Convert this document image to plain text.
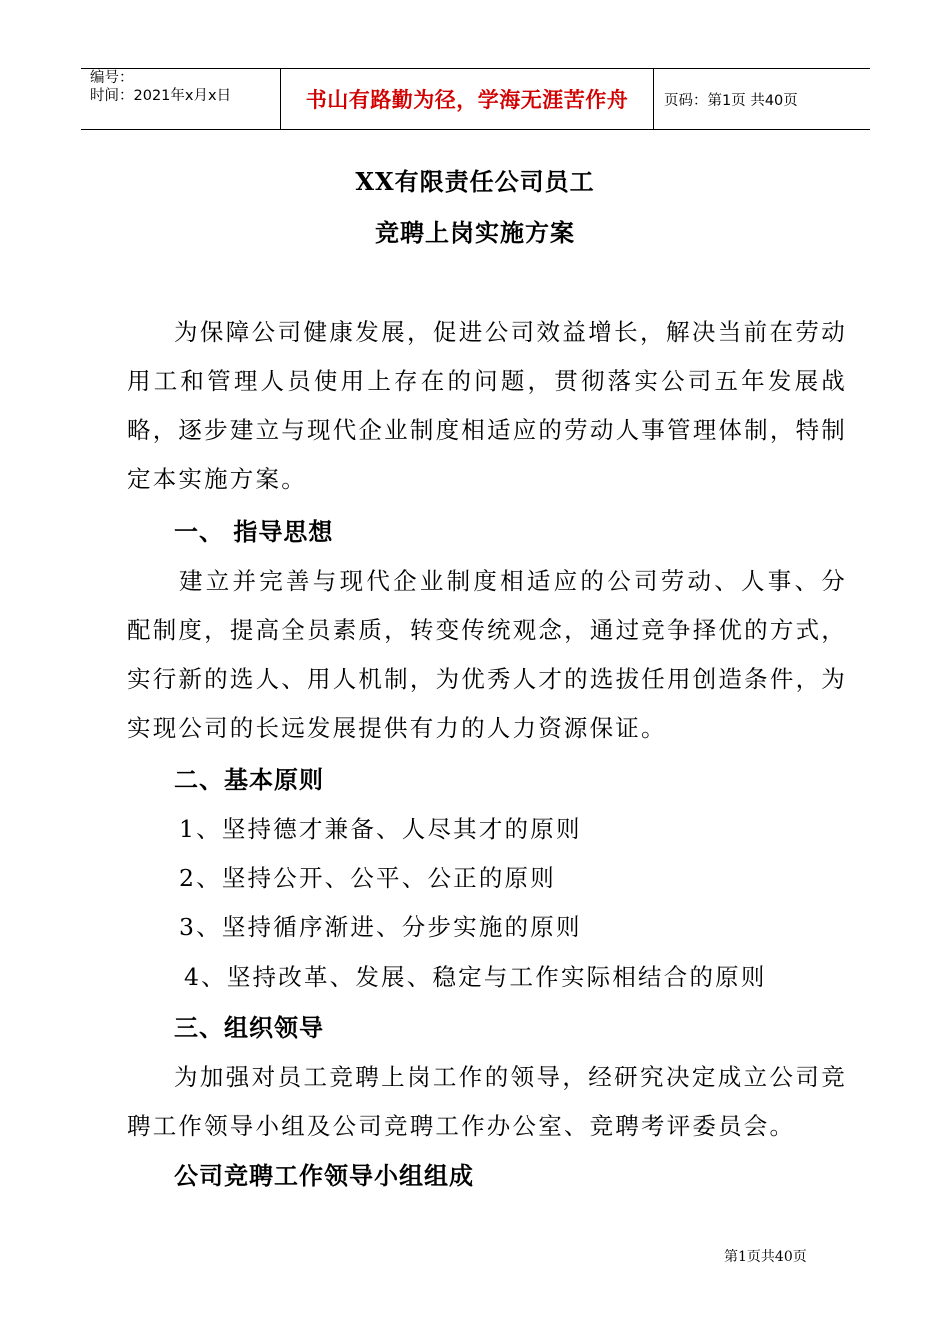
编号：
时间：2021年x月x日	书山有路勤为径，学海无涯苦作舟	页码：第1页 共40页
XX有限责任公司员工
竞聘上岗实施方案
为保障公司健康发展，促进公司效益增长，解决当前在劳动用工和管理人员使用上存在的问题，贯彻落实公司五年发展战略，逐步建立与现代企业制度相适应的劳动人事管理体制，特制定本实施方案。
一、 指导思想
建立并完善与现代企业制度相适应的公司劳动、人事、分配制度，提高全员素质，转变传统观念，通过竞争择优的方式，实行新的选人、用人机制，为优秀人才的选拔任用创造条件，为实现公司的长远发展提供有力的人力资源保证。
二、基本原则
1、坚持德才兼备、人尽其才的原则
2、坚持公开、公平、公正的原则
3、坚持循序渐进、分步实施的原则
4、坚持改革、发展、稳定与工作实际相结合的原则
三、组织领导
为加强对员工竞聘上岗工作的领导，经研究决定成立公司竞聘工作领导小组及公司竞聘工作办公室、竞聘考评委员会。
公司竞聘工作领导小组组成
第1页共40页
